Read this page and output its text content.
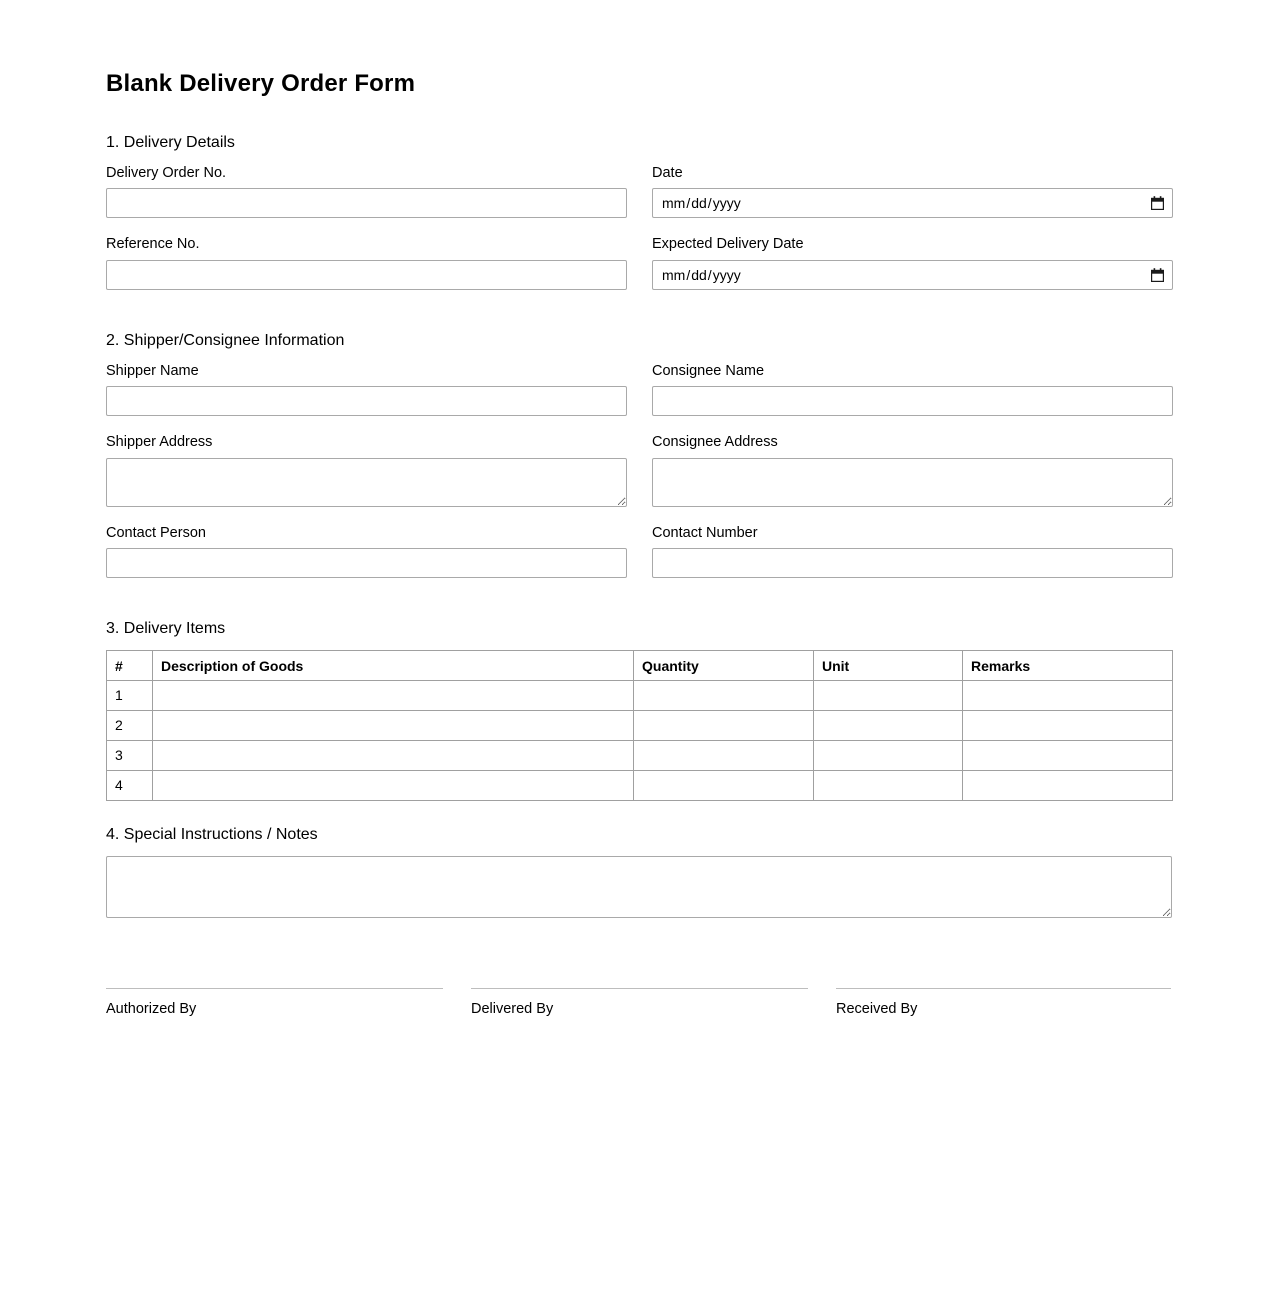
Blank Delivery Order Form
1. Delivery Details
Delivery Order No.	Date
Reference No.	Expected Delivery Date
2. Shipper/Consignee Information
Shipper Name	Consignee Name
Shipper Address	Consignee Address
Contact Person	Contact Number
3. Delivery Items
#	Description of Goods	Quantity	Unit	Remarks
1				
2				
3				
4				
4. Special Instructions / Notes
Authorized By	Delivered By	Received By
